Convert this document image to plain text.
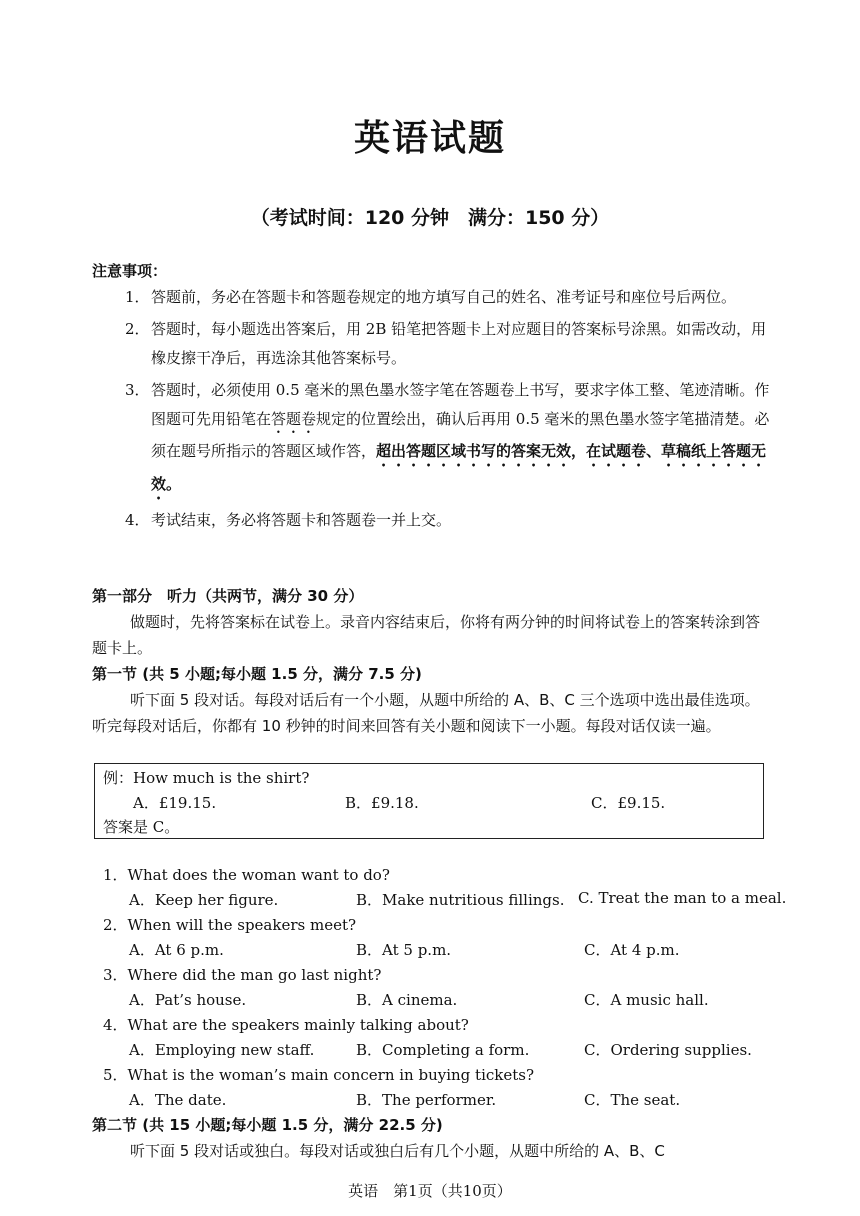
英语试题
（考试时间：120 分钟　满分：150 分）
注意事项：
1． 答题前，务必在答题卡和答题卷规定的地方填写自己的姓名、准考证号和座位号后两位。
2． 答题时，每小题选出答案后，用 2B 铅笔把答题卡上对应题目的答案标号涂黑。如需改动，用橡皮擦干净后，再选涂其他答案标号。
3． 答题时，必须使用 0.5 毫米的黑色墨水签字笔在答题卷上书写，要求字体工整、笔迹清晰。作图题可先用铅笔在答题卷规定的位置绘出，确认后再用 0.5 毫米的黑色墨水签字笔描清楚。必须在题号所指示的答题区域作答，超出答题区域书写的答案无效，在试题卷、草稿纸上答题无效。
4． 考试结束，务必将答题卡和答题卷一并上交。
第一部分　听力（共两节，满分 30 分）
做题时，先将答案标在试卷上。录音内容结束后，你将有两分钟的时间将试卷上的答案转涂到答题卡上。
第一节 (共 5 小题;每小题 1.5 分，满分 7.5 分)
听下面 5 段对话。每段对话后有一个小题，从题中所给的 A、B、C 三个选项中选出最佳选项。听完每段对话后，你都有 10 秒钟的时间来回答有关小题和阅读下一小题。每段对话仅读一遍。
例：How much is the shirt?
A．£19.15.	B．£9.18.	C．£9.15.
答案是 C。
1．What does the woman want to do?
A．Keep her figure.	B．Make nutritious fillings. C. Treat the man to a meal.
2．When will the speakers meet?
A．At 6 p.m.	B．At 5 p.m.	C．At 4 p.m.
3．Where did the man go last night?
A．Pat’s house.	B．A cinema.	C．A music hall.
4．What are the speakers mainly talking about?
A．Employing new staff.	B．Completing a form.	C．Ordering supplies.
5．What is the woman’s main concern in buying tickets?
A．The date.	B．The performer.	C．The seat.
第二节 (共 15 小题;每小题 1.5 分，满分 22.5 分)
听下面 5 段对话或独白。每段对话或独白后有几个小题，从题中所给的 A、B、C
英语　第1页（共10页）
